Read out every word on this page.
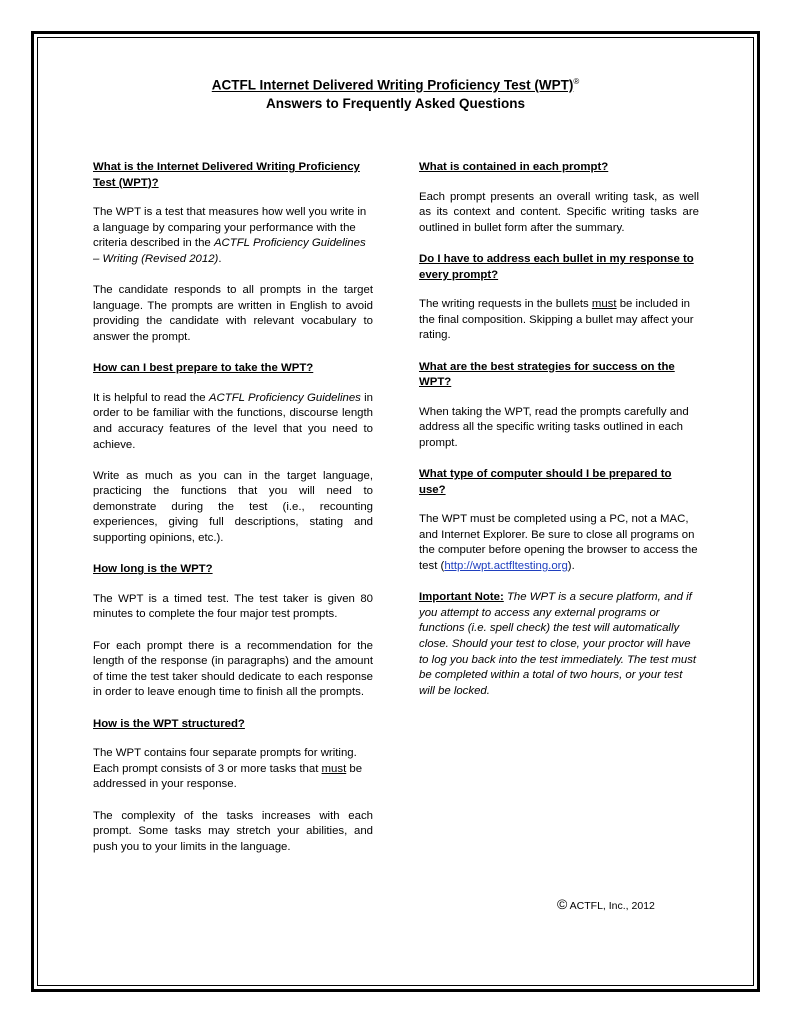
ACTFL Internet Delivered Writing Proficiency Test (WPT)®
Answers to Frequently Asked Questions

What is the Internet Delivered Writing Proficiency Test (WPT)?

The WPT is a test that measures how well you write in a language by comparing your performance with the criteria described in the ACTFL Proficiency Guidelines – Writing (Revised 2012).

The candidate responds to all prompts in the target language. The prompts are written in English to avoid providing the candidate with relevant vocabulary to answer the prompt.

How can I best prepare to take the WPT?

It is helpful to read the ACTFL Proficiency Guidelines in order to be familiar with the functions, discourse length and accuracy features of the level that you need to achieve.

Write as much as you can in the target language, practicing the functions that you will need to demonstrate during the test (i.e., recounting experiences, giving full descriptions, stating and supporting opinions, etc.).

How long is the WPT?

The WPT is a timed test. The test taker is given 80 minutes to complete the four major test prompts.

For each prompt there is a recommendation for the length of the response (in paragraphs) and the amount of time the test taker should dedicate to each response in order to leave enough time to finish all the prompts.

How is the WPT structured?

The WPT contains four separate prompts for writing. Each prompt consists of 3 or more tasks that must be addressed in your response.

The complexity of the tasks increases with each prompt. Some tasks may stretch your abilities, and push you to your limits in the language.

What is contained in each prompt?

Each prompt presents an overall writing task, as well as its context and content. Specific writing tasks are outlined in bullet form after the summary.

Do I have to address each bullet in my response to every prompt?

The writing requests in the bullets must be included in the final composition. Skipping a bullet may affect your rating.

What are the best strategies for success on the WPT?

When taking the WPT, read the prompts carefully and address all the specific writing tasks outlined in each prompt.

What type of computer should I be prepared to use?

The WPT must be completed using a PC, not a MAC, and Internet Explorer. Be sure to close all programs on the computer before opening the browser to access the test (http://wpt.actfltesting.org).

Important Note: The WPT is a secure platform, and if you attempt to access any external programs or functions (i.e. spell check) the test will automatically close. Should your test to close, your proctor will have to log you back into the test immediately. The test must be completed within a total of two hours, or your test will be locked.

© ACTFL, Inc., 2012
